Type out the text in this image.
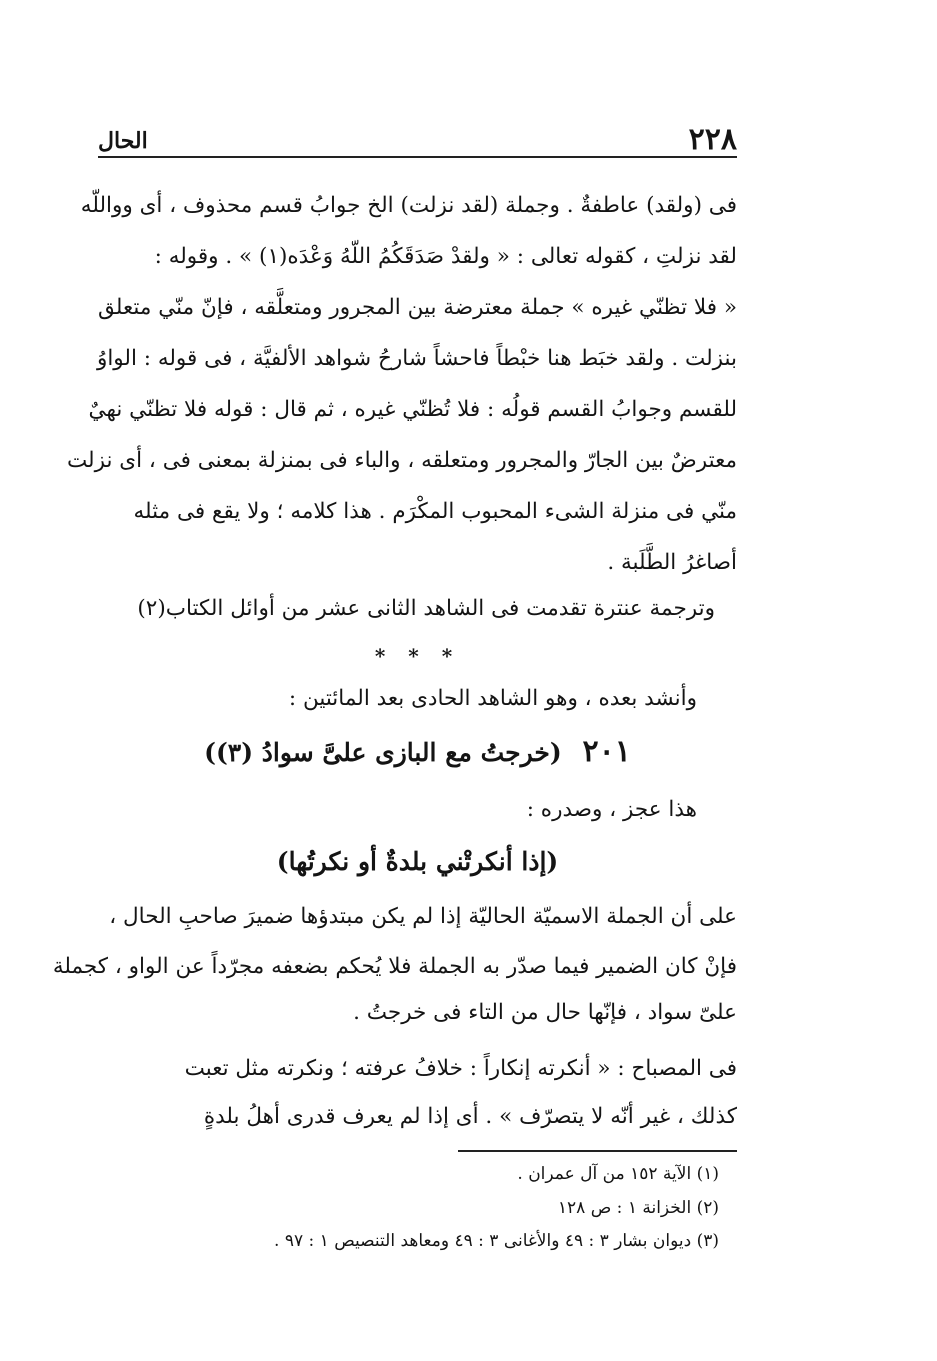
٢٢٨
الحال
فى (ولقد) عاطفةٌ . وجملة (لقد نزلت) الخ جوابُ قسم محذوف ، أى وواللّه
لقد نزلتِ ، كقوله تعالى : « ولقدْ صَدَقَكُمُ اللّهُ وَعْدَه(١) » . وقوله :
« فلا تظنّي غيره » جملة معترضة بين المجرور ومتعلَّقه ، فإنّ منّي متعلق
بنزلت . ولقد خبَط هنا خبْطاً فاحشاً شارحُ شواهد الألفيَّة ، فى قوله : الواوُ
للقسم وجوابُ القسم قولُه : فلا تُظنّي غيره ، ثم قال : قوله فلا تظنّي نهيٌ
معترضٌ بين الجارّ والمجرور ومتعلقه ، والباء فى بمنزلة بمعنى فى ، أى نزلت
منّي فى منزلة الشىء المحبوب المكْرَم . هذا كلامه ؛ ولا يقع فى مثله
أصاغرُ الطَّلَبة .
وترجمة عنترة تقدمت فى الشاهد الثانى عشر من أوائل الكتاب(٢)
* * *
وأنشد بعده ، وهو الشاهد الحادى بعد المائتين :
٢٠١ (خرجتُ مع البازى علىَّ سوادُ (٣))
هذا عجز ، وصدره :
(إذا أنكرتْني بلدةٌ أو نكرتُها)
على أن الجملة الاسميّة الحاليّة إذا لم يكن مبتدؤها ضميرَ صاحبِ الحال ،
فإنْ كان الضمير فيما صدّر به الجملة فلا يُحكم بضعفه مجرّداً عن الواو ، كجملة
علىّ سواد ، فإنّها حال من التاء فى خرجتُ .
فى المصباح : « أنكرته إنكاراً : خلافُ عرفته ؛ ونكرته مثل تعبت
كذلك ، غير أنّه لا يتصرّف » . أى إذا لم يعرف قدرى أهلُ بلدةٍ
(١) الآية ١٥٢ من آل عمران .
(٢) الخزانة ١ : ص ١٢٨
(٣) ديوان بشار ٣ : ٤٩ والأغانى ٣ : ٤٩ ومعاهد التنصيص ١ : ٩٧ .
